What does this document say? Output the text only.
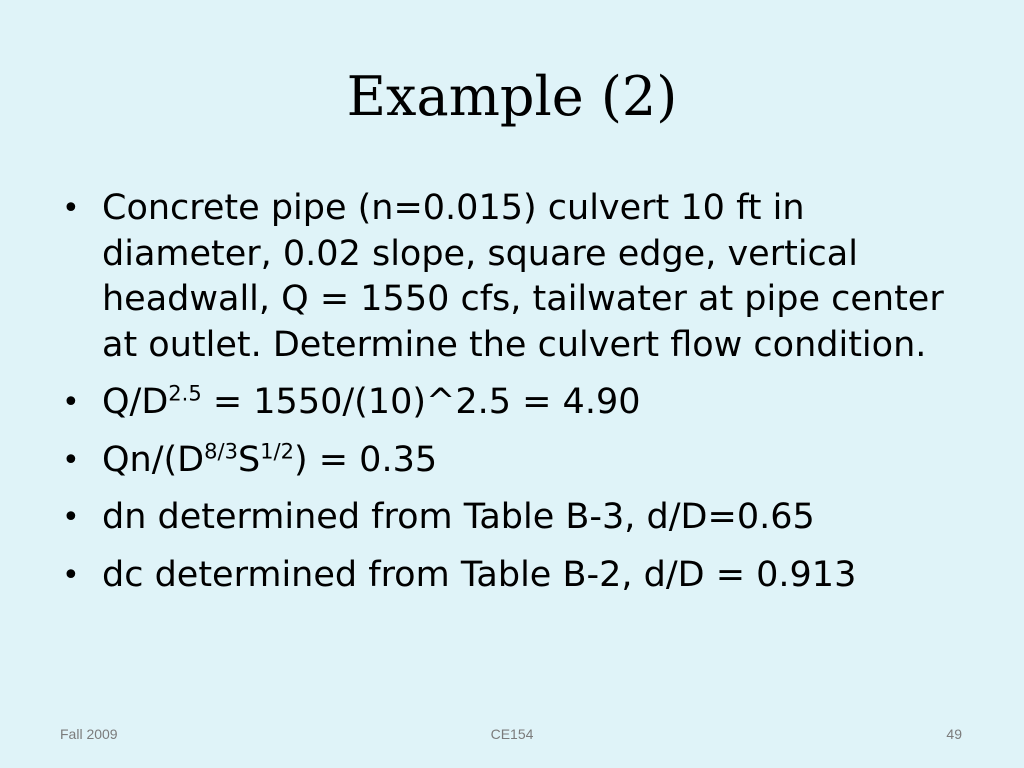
Example (2)
• Concrete pipe (n=0.015) culvert 10 ft in diameter, 0.02 slope, square edge, vertical headwall, Q = 1550 cfs, tailwater at pipe center at outlet. Determine the culvert flow condition.
• $Q/D^{2.5}$ = 1550/(10)^2.5 = 4.90
• $Qn/(D^{8/3}S^{1/2}) = 0.35$
• dn determined from Table B-3, d/D=0.65
• dc determined from Table B-2, d/D = 0.913
Fall 2009	CE154	49
